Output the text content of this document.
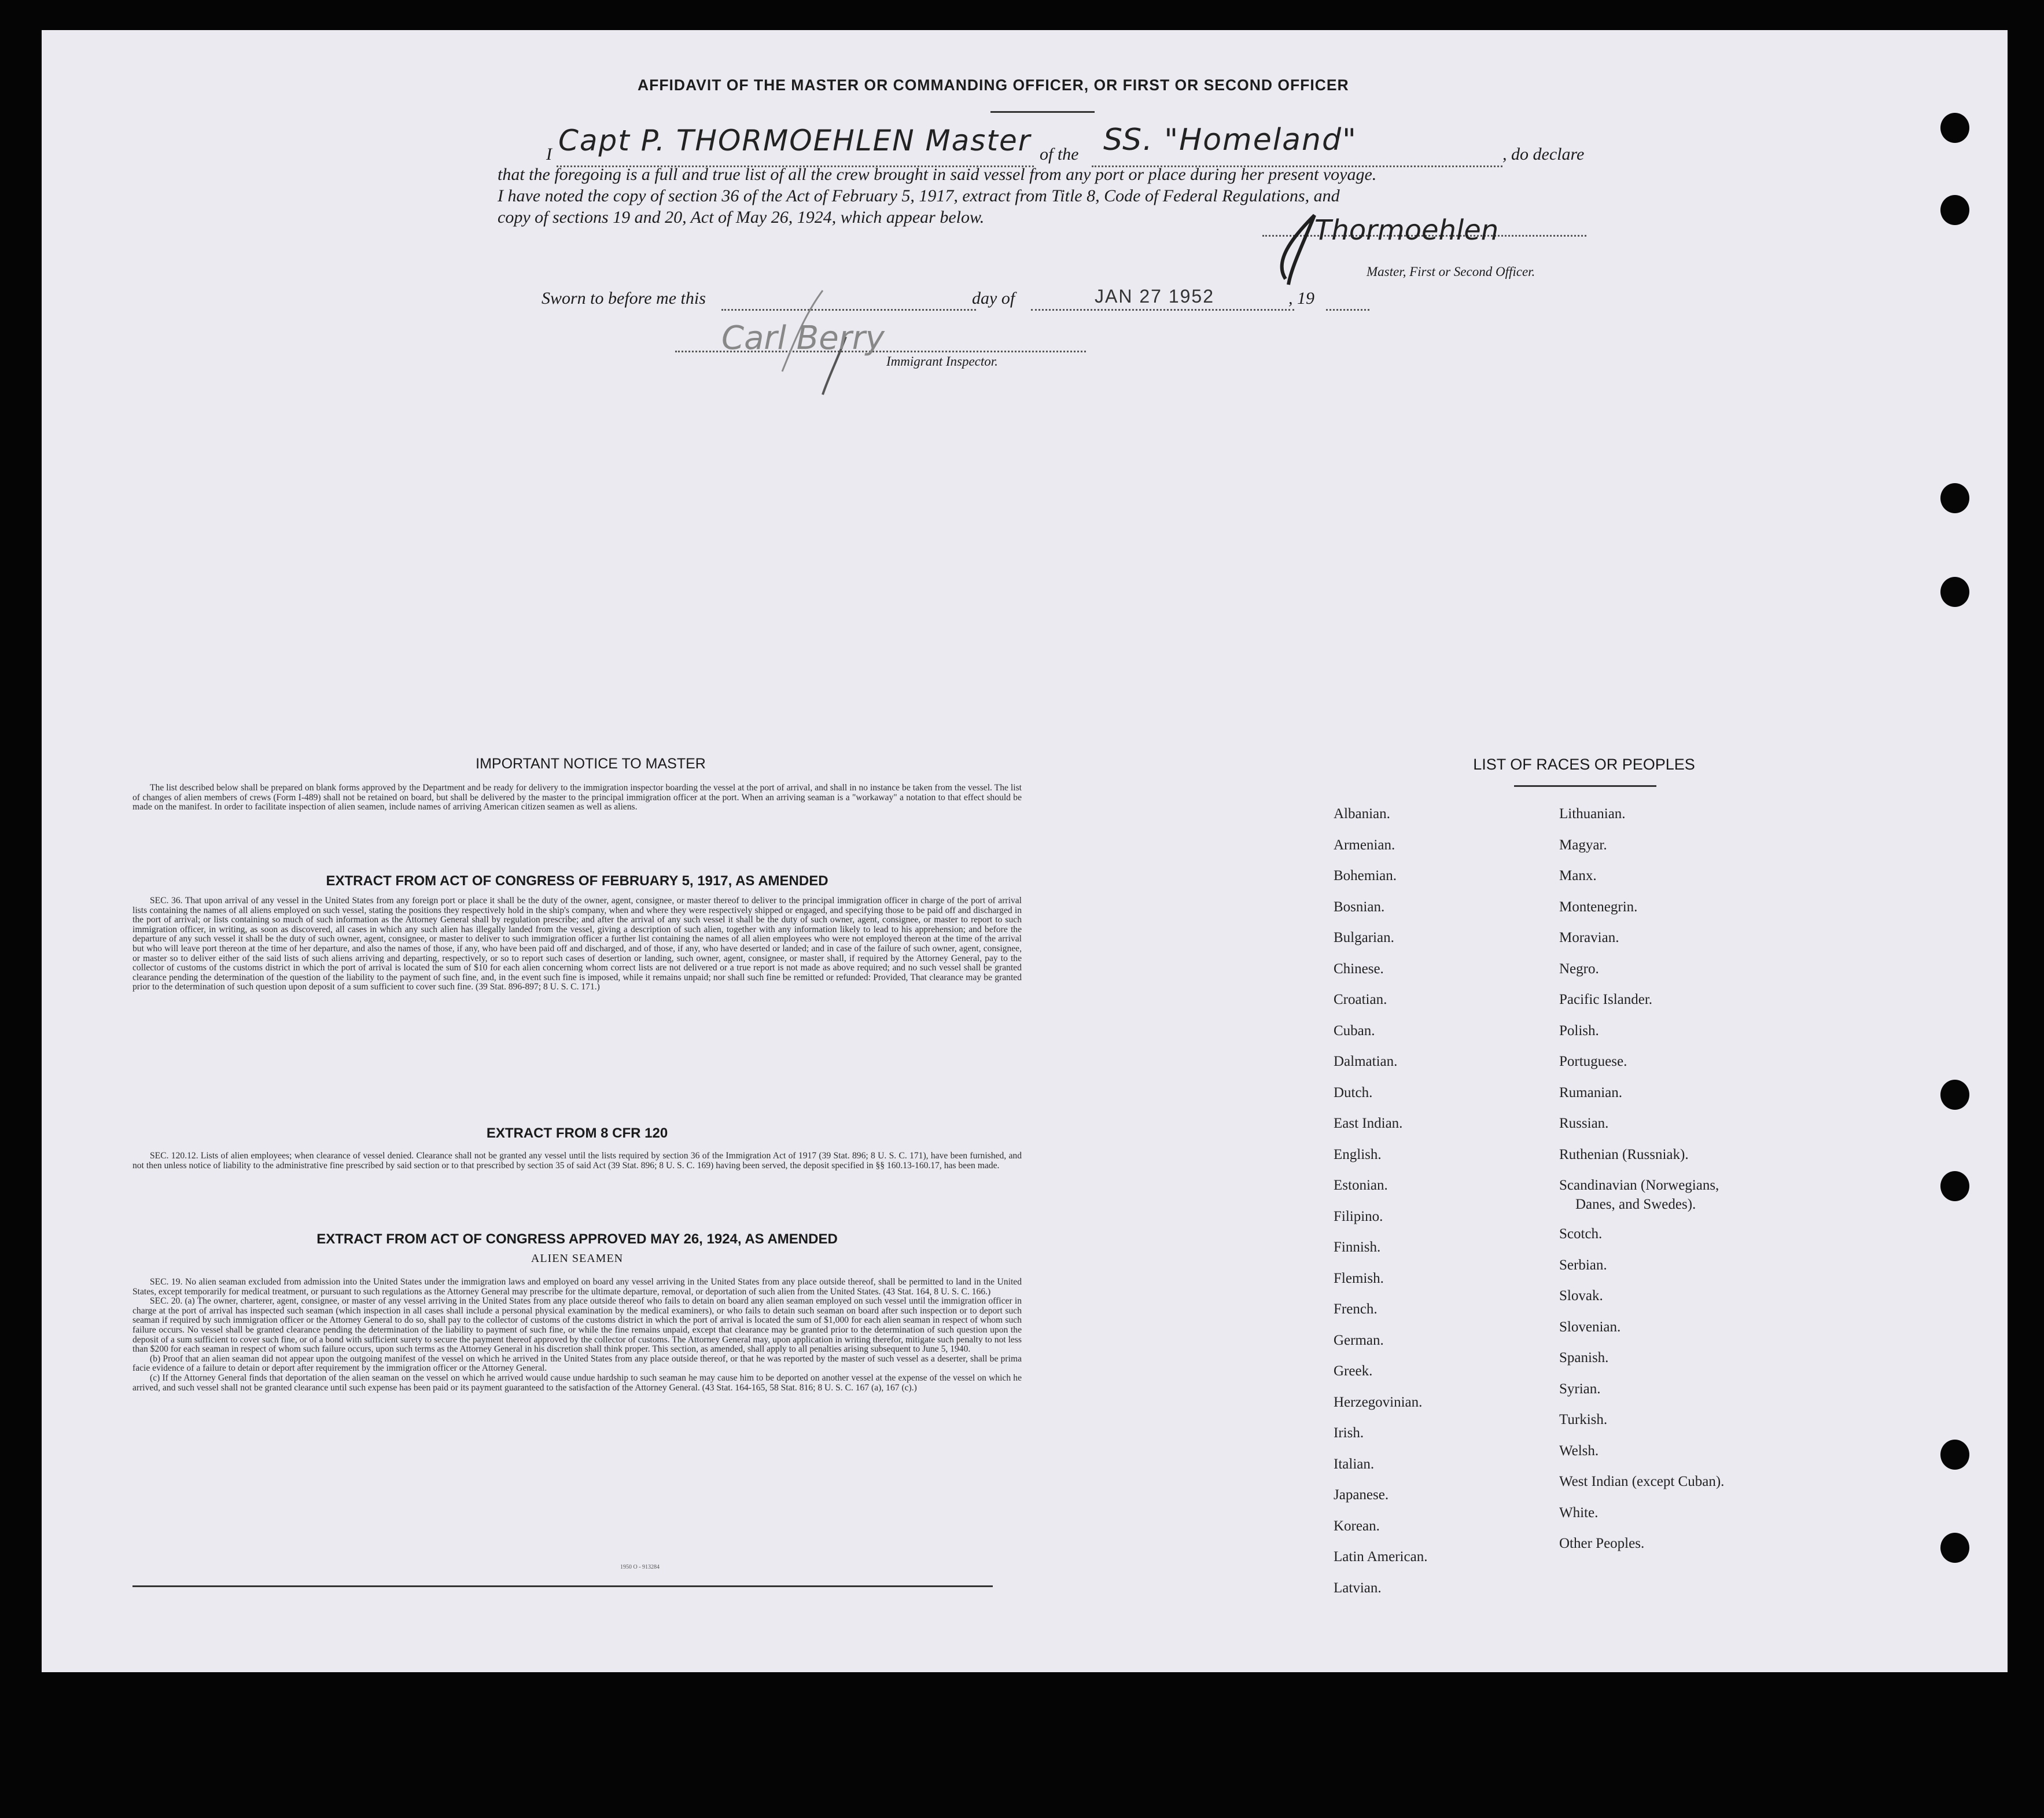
AFFIDAVIT OF THE MASTER OR COMMANDING OFFICER, OR FIRST OR SECOND OFFICER
I Capt P. THORMOEHLEN Master of the SS. "Homeland"	, do declare
that the foregoing is a full and true list of all the crew brought in said vessel from any port or place during her present voyage.
I have noted the copy of section 36 of the Act of February 5, 1917, extract from Title 8, Code of Federal Regulations, and
copy of sections 19 and 20, Act of May 26, 1924, which appear below.	Thormoehlen
Master, First or Second Officer.
Sworn to before me this	day of	JAN 27 1952	, 19
Carl Berry
Immigrant Inspector.
IMPORTANT NOTICE TO MASTER

The list described below shall be prepared on blank forms approved by the Department and be ready for delivery to the immigration inspector boarding the vessel at the port of arrival, and shall in no instance be taken from the vessel. The list of changes of alien members of crews (Form I-489) shall not be retained on board, but shall be delivered by the master to the principal immigration officer at the port. When an arriving seaman is a "workaway" a notation to that effect should be made on the manifest. In order to facilitate inspection of alien seamen, include names of arriving American citizen seamen as well as aliens.

EXTRACT FROM ACT OF CONGRESS OF FEBRUARY 5, 1917, AS AMENDED

SEC. 36. That upon arrival of any vessel in the United States from any foreign port or place it shall be the duty of the owner, agent, consignee, or master thereof to deliver to the principal immigration officer in charge of the port of arrival lists containing the names of all aliens employed on such vessel, stating the positions they respectively hold in the ship's company, when and where they were respectively shipped or engaged, and specifying those to be paid off and discharged in the port of arrival; or lists containing so much of such information as the Attorney General shall by regulation prescribe; and after the arrival of any such vessel it shall be the duty of such owner, agent, consignee, or master to report to such immigration officer, in writing, as soon as discovered, all cases in which any such alien has illegally landed from the vessel, giving a description of such alien, together with any information likely to lead to his apprehension; and before the departure of any such vessel it shall be the duty of such owner, agent, consignee, or master to deliver to such immigration officer a further list containing the names of all alien employees who were not employed thereon at the time of the arrival but who will leave port thereon at the time of her departure, and also the names of those, if any, who have been paid off and discharged, and of those, if any, who have deserted or landed; and in case of the failure of such owner, agent, consignee, or master so to deliver either of the said lists of such aliens arriving and departing, respectively, or so to report such cases of desertion or landing, such owner, agent, consignee, or master shall, if required by the Attorney General, pay to the collector of customs of the customs district in which the port of arrival is located the sum of $10 for each alien concerning whom correct lists are not delivered or a true report is not made as above required; and no such vessel shall be granted clearance pending the determination of the question of the liability to the payment of such fine, and, in the event such fine is imposed, while it remains unpaid; nor shall such fine be remitted or refunded: Provided, That clearance may be granted prior to the determination of such question upon deposit of a sum sufficient to cover such fine. (39 Stat. 896-897; 8 U. S. C. 171.)

EXTRACT FROM 8 CFR 120

SEC. 120.12. Lists of alien employees; when clearance of vessel denied. Clearance shall not be granted any vessel until the lists required by section 36 of the Immigration Act of 1917 (39 Stat. 896; 8 U. S. C. 171), have been furnished, and not then unless notice of liability to the administrative fine prescribed by said section or to that prescribed by section 35 of said Act (39 Stat. 896; 8 U. S. C. 169) having been served, the deposit specified in §§ 160.13-160.17, has been made.

EXTRACT FROM ACT OF CONGRESS APPROVED MAY 26, 1924, AS AMENDED
ALIEN SEAMEN

SEC. 19. No alien seaman excluded from admission into the United States under the immigration laws and employed on board any vessel arriving in the United States from any place outside thereof, shall be permitted to land in the United States, except temporarily for medical treatment, or pursuant to such regulations as the Attorney General may prescribe for the ultimate departure, removal, or deportation of such alien from the United States. (43 Stat. 164, 8 U. S. C. 166.)

SEC. 20. (a) The owner, charterer, agent, consignee, or master of any vessel arriving in the United States from any place outside thereof who fails to detain on board any alien seaman employed on such vessel until the immigration officer in charge at the port of arrival has inspected such seaman (which inspection in all cases shall include a personal physical examination by the medical examiners), or who fails to detain such seaman on board after such inspection or to deport such seaman if required by such immigration officer or the Attorney General to do so, shall pay to the collector of customs of the customs district in which the port of arrival is located the sum of $1,000 for each alien seaman in respect of whom such failure occurs. No vessel shall be granted clearance pending the determination of the liability to payment of such fine, or while the fine remains unpaid, except that clearance may be granted prior to the determination of such question upon the deposit of a sum sufficient to cover such fine, or of a bond with sufficient surety to secure the payment thereof approved by the collector of customs. The Attorney General may, upon application in writing therefor, mitigate such penalty to not less than $200 for each seaman in respect of whom such failure occurs, upon such terms as the Attorney General in his discretion shall think proper. This section, as amended, shall apply to all penalties arising subsequent to June 5, 1940.

(b) Proof that an alien seaman did not appear upon the outgoing manifest of the vessel on which he arrived in the United States from any place outside thereof, or that he was reported by the master of such vessel as a deserter, shall be prima facie evidence of a failure to detain or deport after requirement by the immigration officer or the Attorney General.

(c) If the Attorney General finds that deportation of the alien seaman on the vessel on which he arrived would cause undue hardship to such seaman he may cause him to be deported on another vessel at the expense of the vessel on which he arrived, and such vessel shall not be granted clearance until such expense has been paid or its payment guaranteed to the satisfaction of the Attorney General. (43 Stat. 164-165, 58 Stat. 816; 8 U. S. C. 167 (a), 167 (c).)

1950 O - 913284
LIST OF RACES OR PEOPLES
Albanian.
Armenian.
Bohemian.
Bosnian.
Bulgarian.
Chinese.
Croatian.
Cuban.
Dalmatian.
Dutch.
East Indian.
English.
Estonian.
Filipino.
Finnish.
Flemish.
French.
German.
Greek.
Herzegovinian.
Irish.
Italian.
Japanese.
Korean.
Latin American.
Latvian.
Lithuanian.
Magyar.
Manx.
Montenegrin.
Moravian.
Negro.
Pacific Islander.
Polish.
Portuguese.
Rumanian.
Russian.
Ruthenian (Russniak).
Scandinavian (Norwegians,
Danes, and Swedes).
Scotch.
Serbian.
Slovak.
Slovenian.
Spanish.
Syrian.
Turkish.
Welsh.
West Indian (except Cuban).
White.
Other Peoples.
